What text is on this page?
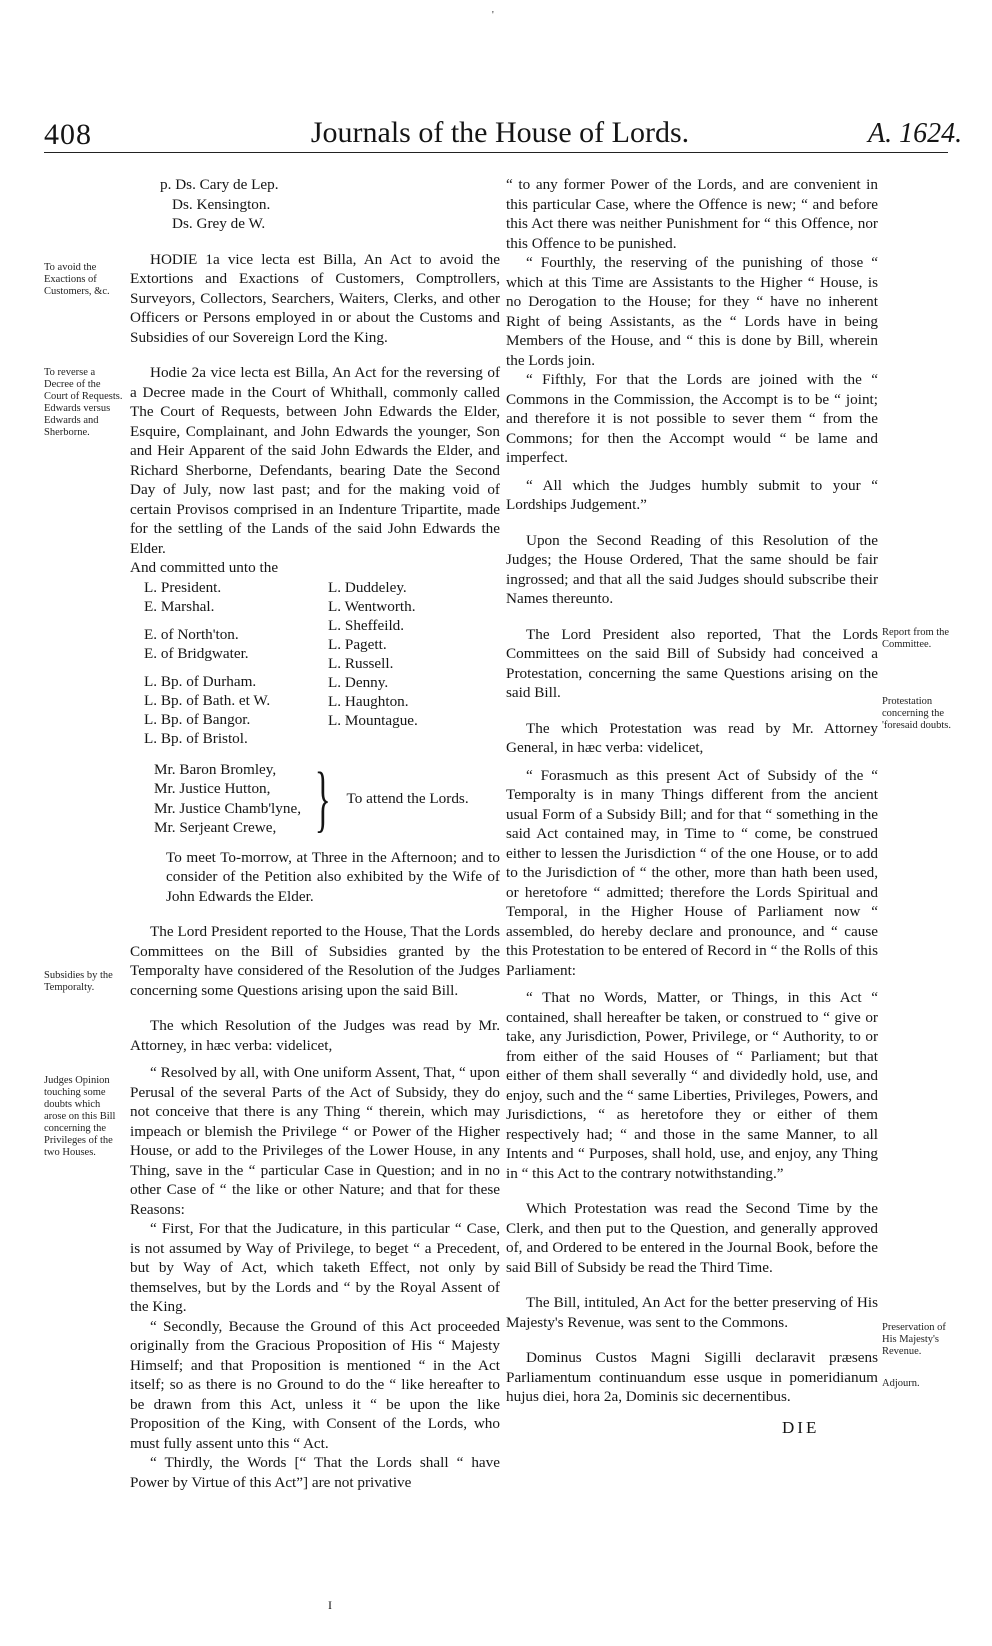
'
408	Journals of the House of Lords.	A. 1624.
To avoid the Exactions of Customers, &c.
To reverse a Decree of the Court of Requests. Edwards versus Edwards and Sherborne.
Subsidies by the Temporalty.
Judges Opinion touching some doubts which arose on this Bill concerning the Privileges of the two Houses.
Report from the Committee.
Protestation concerning the 'foresaid doubts.
Preservation of His Majesty's Revenue.
Adjourn.
p. Ds. Cary de Lep.
Ds. Kensington.
Ds. Grey de W.

HODIE 1a vice lecta est Billa, An Act to avoid the Extortions and Exactions of Customers, Comptrollers, Surveyors, Collectors, Searchers, Waiters, Clerks, and other Officers or Persons employed in or about the Customs and Subsidies of our Sovereign Lord the King.

Hodie 2a vice lecta est Billa, An Act for the reversing of a Decree made in the Court of Whithall, commonly called The Court of Requests, between John Edwards the Elder, Esquire, Complainant, and John Edwards the younger, Son and Heir Apparent of the said John Edwards the Elder, and Richard Sherborne, Defendants, bearing Date the Second Day of July, now last past; and for the making void of certain Provisos comprised in an Indenture Tripartite, made for the settling of the Lands of the said John Edwards the Elder.

And committed unto the

L. President.
E. Marshal.
E. of North'ton.
E. of Bridgwater.
L. Bp. of Durham.
L. Bp. of Bath. et W.
L. Bp. of Bangor.
L. Bp. of Bristol.
L. Duddeley.
L. Wentworth.
L. Sheffeild.
L. Pagett.
L. Russell.
L. Denny.
L. Haughton.
L. Mountague.
Mr. Baron Bromley,
Mr. Justice Hutton,
Mr. Justice Chamb'lyne,
Mr. Serjeant Crewe, } To attend the Lords.

To meet To-morrow, at Three in the Afternoon; and to consider of the Petition also exhibited by the Wife of John Edwards the Elder.

The Lord President reported to the House, That the Lords Committees on the Bill of Subsidies granted by the Temporalty have considered of the Resolution of the Judges concerning some Questions arising upon the said Bill.

The which Resolution of the Judges was read by Mr. Attorney, in hæc verba: videlicet,

“ Resolved by all, with One uniform Assent, That, “ upon Perusal of the several Parts of the Act of Subsidy, they do not conceive that there is any Thing “ therein, which may impeach or blemish the Privilege “ or Power of the Higher House, or add to the Privileges of the Lower House, in any Thing, save in the “ particular Case in Question; and in no other Case of “ the like or other Nature; and that for these Reasons:

“ First, For that the Judicature, in this particular “ Case, is not assumed by Way of Privilege, to beget “ a Precedent, but by Way of Act, which taketh Effect, not only by themselves, but by the Lords and “ by the Royal Assent of the King.

“ Secondly, Because the Ground of this Act proceeded originally from the Gracious Proposition of His “ Majesty Himself; and that Proposition is mentioned “ in the Act itself; so as there is no Ground to do the “ like hereafter to be drawn from this Act, unless it “ be upon the like Proposition of the King, with Consent of the Lords, who must fully assent unto this “ Act.

“ Thirdly, the Words [“ That the Lords shall “ have Power by Virtue of this Act”] are not privative

“ to any former Power of the Lords, and are convenient in this particular Case, where the Offence is new; “ and before this Act there was neither Punishment for “ this Offence, nor this Offence to be punished.

“ Fourthly, the reserving of the punishing of those “ which at this Time are Assistants to the Higher “ House, is no Derogation to the House; for they “ have no inherent Right of being Assistants, as the “ Lords have in being Members of the House, and “ this is done by Bill, wherein the Lords join.

“ Fifthly, For that the Lords are joined with the “ Commons in the Commission, the Accompt is to be “ joint; and therefore it is not possible to sever them “ from the Commons; for then the Accompt would “ be lame and imperfect.

“ All which the Judges humbly submit to your “ Lordships Judgement.”

Upon the Second Reading of this Resolution of the Judges; the House Ordered, That the same should be fair ingrossed; and that all the said Judges should subscribe their Names thereunto.

The Lord President also reported, That the Lords Committees on the said Bill of Subsidy had conceived a Protestation, concerning the same Questions arising on the said Bill.

The which Protestation was read by Mr. Attorney General, in hæc verba: videlicet,

“ Forasmuch as this present Act of Subsidy of the “ Temporalty is in many Things different from the ancient usual Form of a Subsidy Bill; and for that “ something in the said Act contained may, in Time to “ come, be construed either to lessen the Jurisdiction “ of the one House, or to add to the Jurisdiction of “ the other, more than hath been used, or heretofore “ admitted; therefore the Lords Spiritual and Temporal, in the Higher House of Parliament now “ assembled, do hereby declare and pronounce, and “ cause this Protestation to be entered of Record in “ the Rolls of this Parliament:

“ That no Words, Matter, or Things, in this Act “ contained, shall hereafter be taken, or construed to “ give or take, any Jurisdiction, Power, Privilege, or “ Authority, to or from either of the said Houses of “ Parliament; but that either of them shall severally “ and dividedly hold, use, and enjoy, such and the “ same Liberties, Privileges, Powers, and Jurisdictions, “ as heretofore they or either of them respectively had; “ and those in the same Manner, to all Intents and “ Purposes, shall hold, use, and enjoy, any Thing in “ this Act to the contrary notwithstanding.”

Which Protestation was read the Second Time by the Clerk, and then put to the Question, and generally approved of, and Ordered to be entered in the Journal Book, before the said Bill of Subsidy be read the Third Time.

The Bill, intituled, An Act for the better preserving of His Majesty's Revenue, was sent to the Commons.

Dominus Custos Magni Sigilli declaravit præsens Parliamentum continuandum esse usque in pomeridianum hujus diei, hora 2a, Dominis sic decernentibus.

DIE
I
